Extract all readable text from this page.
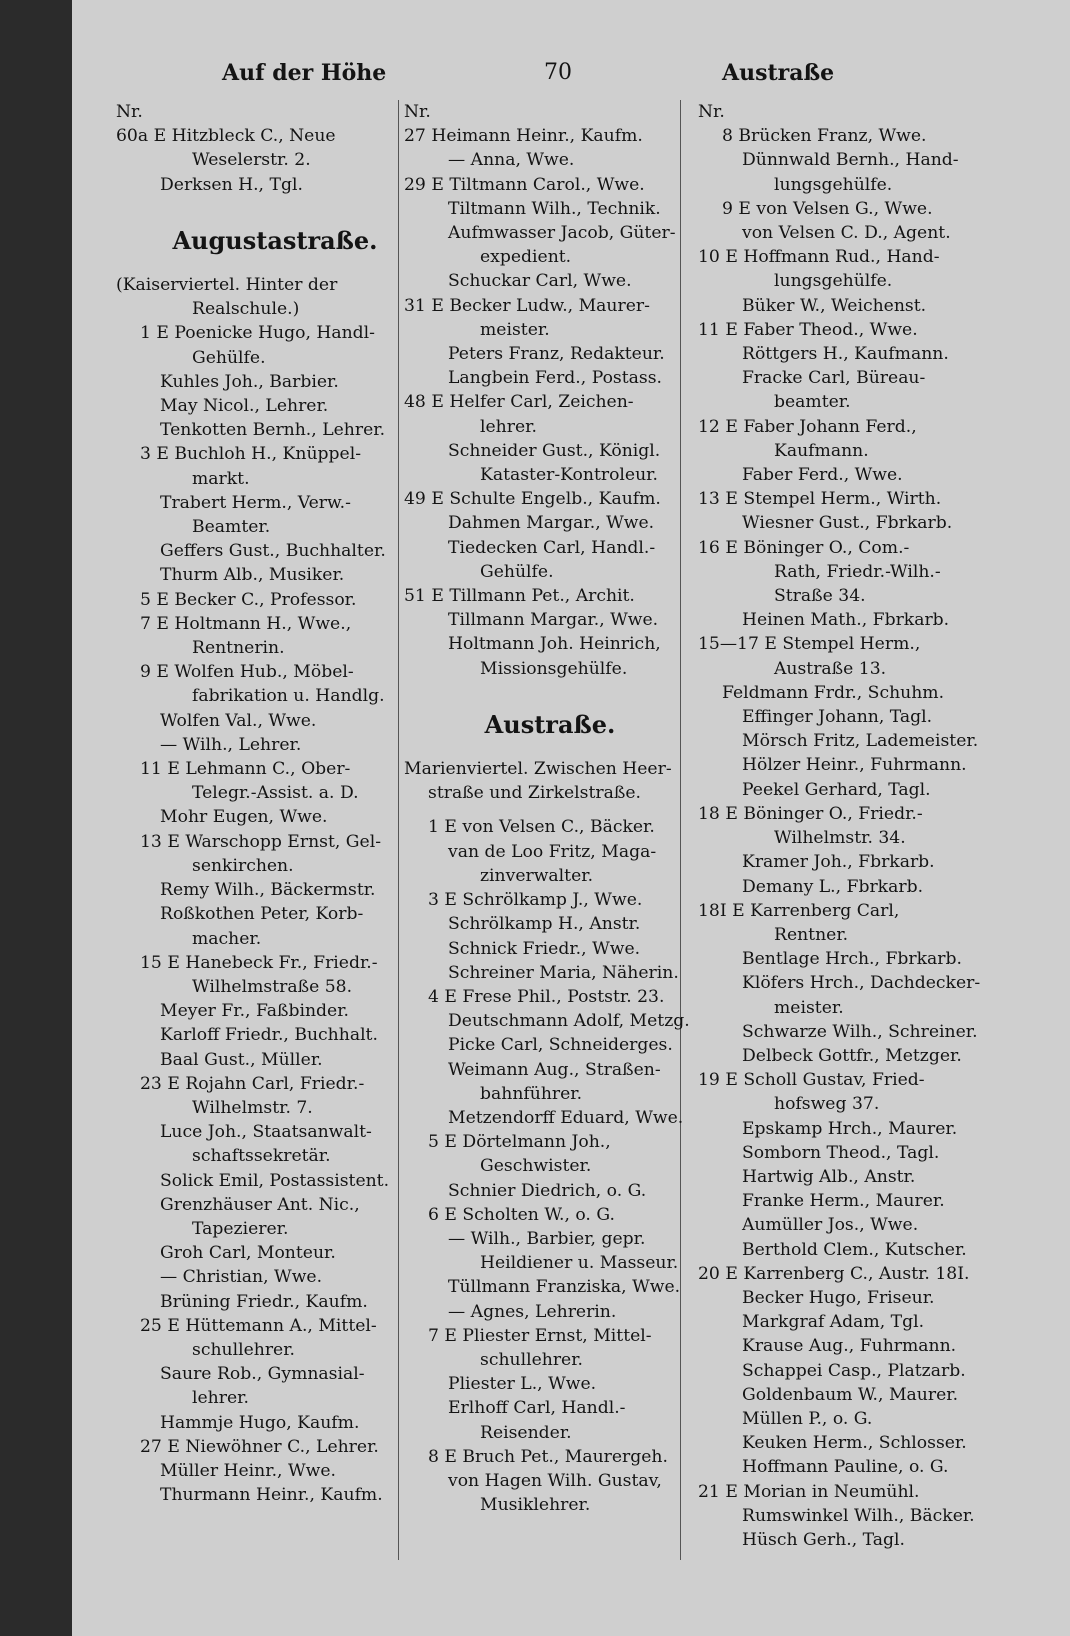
Auf der Höhe	70	Austraße
Nr.
60a E Hitzbleck C., Neue
Weselerstr. 2.
Derksen H., Tgl.
Augustastraße.
(Kaiserviertel. Hinter der
Realschule.)
1 E Poenicke Hugo, Handl-
Gehülfe.
Kuhles Joh., Barbier.
May Nicol., Lehrer.
Tenkotten Bernh., Lehrer.
3 E Buchloh H., Knüppel-
markt.
Trabert Herm., Verw.-
Beamter.
Geffers Gust., Buchhalter.
Thurm Alb., Musiker.
5 E Becker C., Professor.
7 E Holtmann H., Wwe.,
Rentnerin.
9 E Wolfen Hub., Möbel-
fabrikation u. Handlg.
Wolfen Val., Wwe.
— Wilh., Lehrer.
11 E Lehmann C., Ober-
Telegr.-Assist. a. D.
Mohr Eugen, Wwe.
13 E Warschopp Ernst, Gel-
senkirchen.
Remy Wilh., Bäckermstr.
Roßkothen Peter, Korb-
macher.
15 E Hanebeck Fr., Friedr.-
Wilhelmstraße 58.
Meyer Fr., Faßbinder.
Karloff Friedr., Buchhalt.
Baal Gust., Müller.
23 E Rojahn Carl, Friedr.-
Wilhelmstr. 7.
Luce Joh., Staatsanwalt-
schaftssekretär.
Solick Emil, Postassistent.
Grenzhäuser Ant. Nic.,
Tapezierer.
Groh Carl, Monteur.
— Christian, Wwe.
Brüning Friedr., Kaufm.
25 E Hüttemann A., Mittel-
schullehrer.
Saure Rob., Gymnasial-
lehrer.
Hammje Hugo, Kaufm.
27 E Niewöhner C., Lehrer.
Müller Heinr., Wwe.
Thurmann Heinr., Kaufm.
Nr.
27 Heimann Heinr., Kaufm.
— Anna, Wwe.
29 E Tiltmann Carol., Wwe.
Tiltmann Wilh., Technik.
Aufmwasser Jacob, Güter-
expedient.
Schuckar Carl, Wwe.
31 E Becker Ludw., Maurer-
meister.
Peters Franz, Redakteur.
Langbein Ferd., Postass.
48 E Helfer Carl, Zeichen-
lehrer.
Schneider Gust., Königl.
Kataster-Kontroleur.
49 E Schulte Engelb., Kaufm.
Dahmen Margar., Wwe.
Tiedecken Carl, Handl.-
Gehülfe.
51 E Tillmann Pet., Archit.
Tillmann Margar., Wwe.
Holtmann Joh. Heinrich,
Missionsgehülfe.
Austraße.
Marienviertel. Zwischen Heer-
straße und Zirkelstraße.
1 E von Velsen C., Bäcker.
van de Loo Fritz, Maga-
zinverwalter.
3 E Schrölkamp J., Wwe.
Schrölkamp H., Anstr.
Schnick Friedr., Wwe.
Schreiner Maria, Näherin.
4 E Frese Phil., Poststr. 23.
Deutschmann Adolf, Metzg.
Picke Carl, Schneiderges.
Weimann Aug., Straßen-
bahnführer.
Metzendorff Eduard, Wwe.
5 E Dörtelmann Joh.,
Geschwister.
Schnier Diedrich, o. G.
6 E Scholten W., o. G.
— Wilh., Barbier, gepr.
Heildiener u. Masseur.
Tüllmann Franziska, Wwe.
— Agnes, Lehrerin.
7 E Pliester Ernst, Mittel-
schullehrer.
Pliester L., Wwe.
Erlhoff Carl, Handl.-
Reisender.
8 E Bruch Pet., Maurergeh.
von Hagen Wilh. Gustav,
Musiklehrer.
Nr.
8 Brücken Franz, Wwe.
Dünnwald Bernh., Hand-
lungsgehülfe.
9 E von Velsen G., Wwe.
von Velsen C. D., Agent.
10 E Hoffmann Rud., Hand-
lungsgehülfe.
Büker W., Weichenst.
11 E Faber Theod., Wwe.
Röttgers H., Kaufmann.
Fracke Carl, Büreau-
beamter.
12 E Faber Johann Ferd.,
Kaufmann.
Faber Ferd., Wwe.
13 E Stempel Herm., Wirth.
Wiesner Gust., Fbrkarb.
16 E Böninger O., Com.-
Rath, Friedr.-Wilh.-
Straße 34.
Heinen Math., Fbrkarb.
15—17 E Stempel Herm.,
Austraße 13.
Feldmann Frdr., Schuhm.
Effinger Johann, Tagl.
Mörsch Fritz, Lademeister.
Hölzer Heinr., Fuhrmann.
Peekel Gerhard, Tagl.
18 E Böninger O., Friedr.-
Wilhelmstr. 34.
Kramer Joh., Fbrkarb.
Demany L., Fbrkarb.
18I E Karrenberg Carl,
Rentner.
Bentlage Hrch., Fbrkarb.
Klöfers Hrch., Dachdecker-
meister.
Schwarze Wilh., Schreiner.
Delbeck Gottfr., Metzger.
19 E Scholl Gustav, Fried-
hofsweg 37.
Epskamp Hrch., Maurer.
Somborn Theod., Tagl.
Hartwig Alb., Anstr.
Franke Herm., Maurer.
Aumüller Jos., Wwe.
Berthold Clem., Kutscher.
20 E Karrenberg C., Austr. 18I.
Becker Hugo, Friseur.
Markgraf Adam, Tgl.
Krause Aug., Fuhrmann.
Schappei Casp., Platzarb.
Goldenbaum W., Maurer.
Müllen P., o. G.
Keuken Herm., Schlosser.
Hoffmann Pauline, o. G.
21 E Morian in Neumühl.
Rumswinkel Wilh., Bäcker.
Hüsch Gerh., Tagl.
